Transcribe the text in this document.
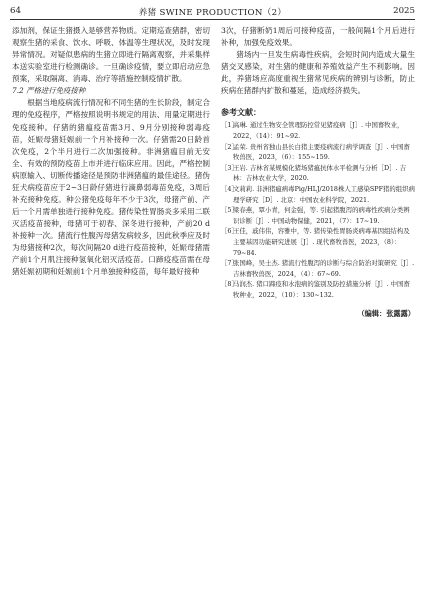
64	养猪 SWINE PRODUCTION（2）	2025

添加剂，保证生猪摄入是够营养物质。定期巡查猪群，密切观察生猪的采食、饮水、呼吸、体温等生理状况，及时发现异常情况。对疑似患病的生猪立即进行隔离观察，并采集样本送实验室进行检测确诊。一旦确诊疫情，要立即启动应急预案，采取隔离、消毒、治疗等措施控制疫情扩散。

7.2 严格进行免疫接种

根据当地疫病流行情况和不同生猪的生长阶段，制定合理的免疫程序，严格按照说明书规定的用法、用量定期进行免疫接种。仔猪的猪瘟疫苗需3月、9月分别接种弱毒疫苗，妊娠母猪妊娠前一个月补接种一次。仔猪需20日龄首次免疫，2个半月进行二次加强接种。非洲猪瘟目前无安全、有效的预防疫苗上市并进行临床应用。因此，严格控制病原输入、切断传播途径是预防非洲猪瘟的最佳途径。猪伪狂犬病疫苗应于2~3日龄仔猪进行滴鼻弱毒苗免疫，3周后补充接种免疫。种公猪免疫每年不少于3次，母猪产前、产后一个月需单独进行接种免疫。猪传染性胃肠炎多采用二联灭活疫苗接种，母猪可于初春、深冬进行接种，产前20 d补接种一次。猪流行性腹泻母猪发病较多，因此秋季应及时为母猪接种2次，每次间隔20 d进行疫苗接种，妊娠母猪需产前1个月肌注接种氢氧化铝灭活疫苗。口蹄疫疫苗需在母猪妊娠初期和妊娠前1个月单独接种疫苗，每年最好接种

3次，仔猪断奶1周后可接种疫苗，一般间隔1个月后进行补种，加强免疫效果。

猪场内一旦发生病毒性疾病，会短时间内造成大量生猪交叉感染，对生猪的健康和养殖效益产生不利影响。因此，养猪场应高度重视生猪常见疾病的辨别与诊断，防止疾病在猪群内扩散和蔓延，造成经济损失。

参考文献：
［1］
高琳. 通过生物安全管理防控常见猪疫病［J］. 中国畜牧业，2022，（14）：91~92.
［2］
孟荣. 贵州省独山县长白猪主要疫病流行病学调查［J］. 中国畜牧兽医，2023，（6）：155~159.
［3］
王岩. 吉林省某规模化猪场猪瘟抗体水平检测与分析［D］. 吉林：吉林农业大学，2020.
［4］
文莉莉. 非洲猪瘟病毒Pig/HLJ/2018株人工感染SPF猪的组织病理学研究［D］. 北京：中国农业科学院，2021.
［5］
梁春燕，覃小青，何金强，等. 引起猪腹泻的病毒性疾病分类辨识诊断［J］. 中国动物保健，2021，（7）：17~19.
［6］
王佳，戚伟伟，容雅中，等. 猪传染性胃肠炎病毒基因组结构及主要基因功能研究进展［J］. 现代畜牧兽医，2023，（8）：79~84.
［7］
张国峰，吴士杰. 猪流行性腹泻的诊断与综合防治对策研究［J］. 吉林畜牧兽医，2024，（4）：67~69.
［8］
马润杰. 猪口蹄疫和水泡病的鉴别及防控措施分析［J］. 中国畜牧种业，2022，（10）：130~132.
（编辑：张露露）
